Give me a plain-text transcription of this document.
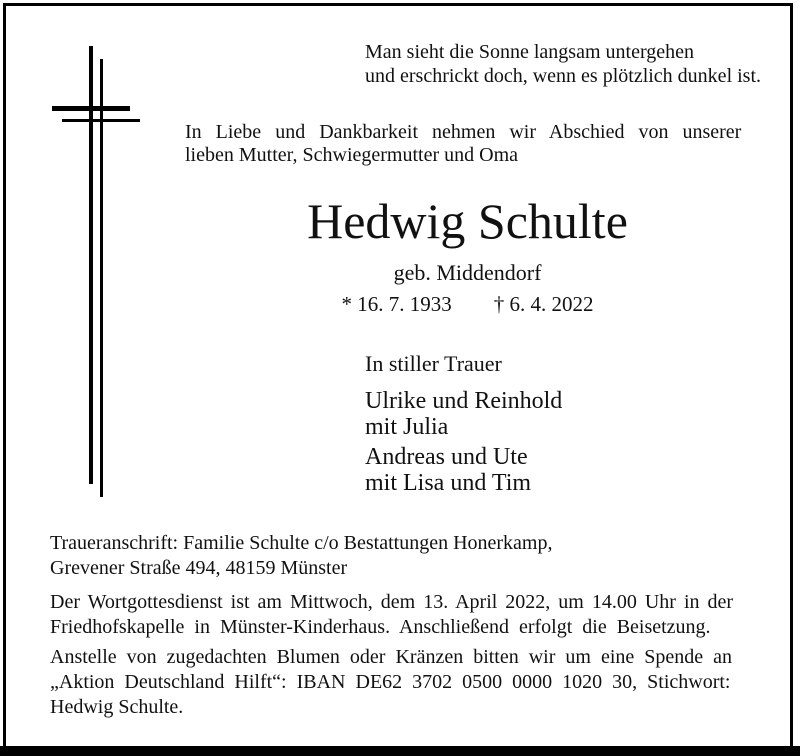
Man sieht die Sonne langsam untergehen
und erschrickt doch, wenn es plötzlich dunkel ist.
In Liebe und Dankbarkeit nehmen wir Abschied von unserer
lieben Mutter, Schwiegermutter und Oma
Hedwig Schulte
geb. Middendorf
* 16. 7. 1933 † 6. 4. 2022
In stiller Trauer
Ulrike und Reinhold
mit Julia
Andreas und Ute
mit Lisa und Tim
Traueranschrift: Familie Schulte c/o Bestattungen Honerkamp,
Grevener Straße 494, 48159 Münster
Der Wortgottesdienst ist am Mittwoch, dem 13. April 2022, um 14.00 Uhr in der
Friedhofskapelle in Münster-Kinderhaus. Anschließend erfolgt die Beisetzung.
Anstelle von zugedachten Blumen oder Kränzen bitten wir um eine Spende an
„Aktion Deutschland Hilft“: IBAN DE62 3702 0500 0000 1020 30, Stichwort:
Hedwig Schulte.
